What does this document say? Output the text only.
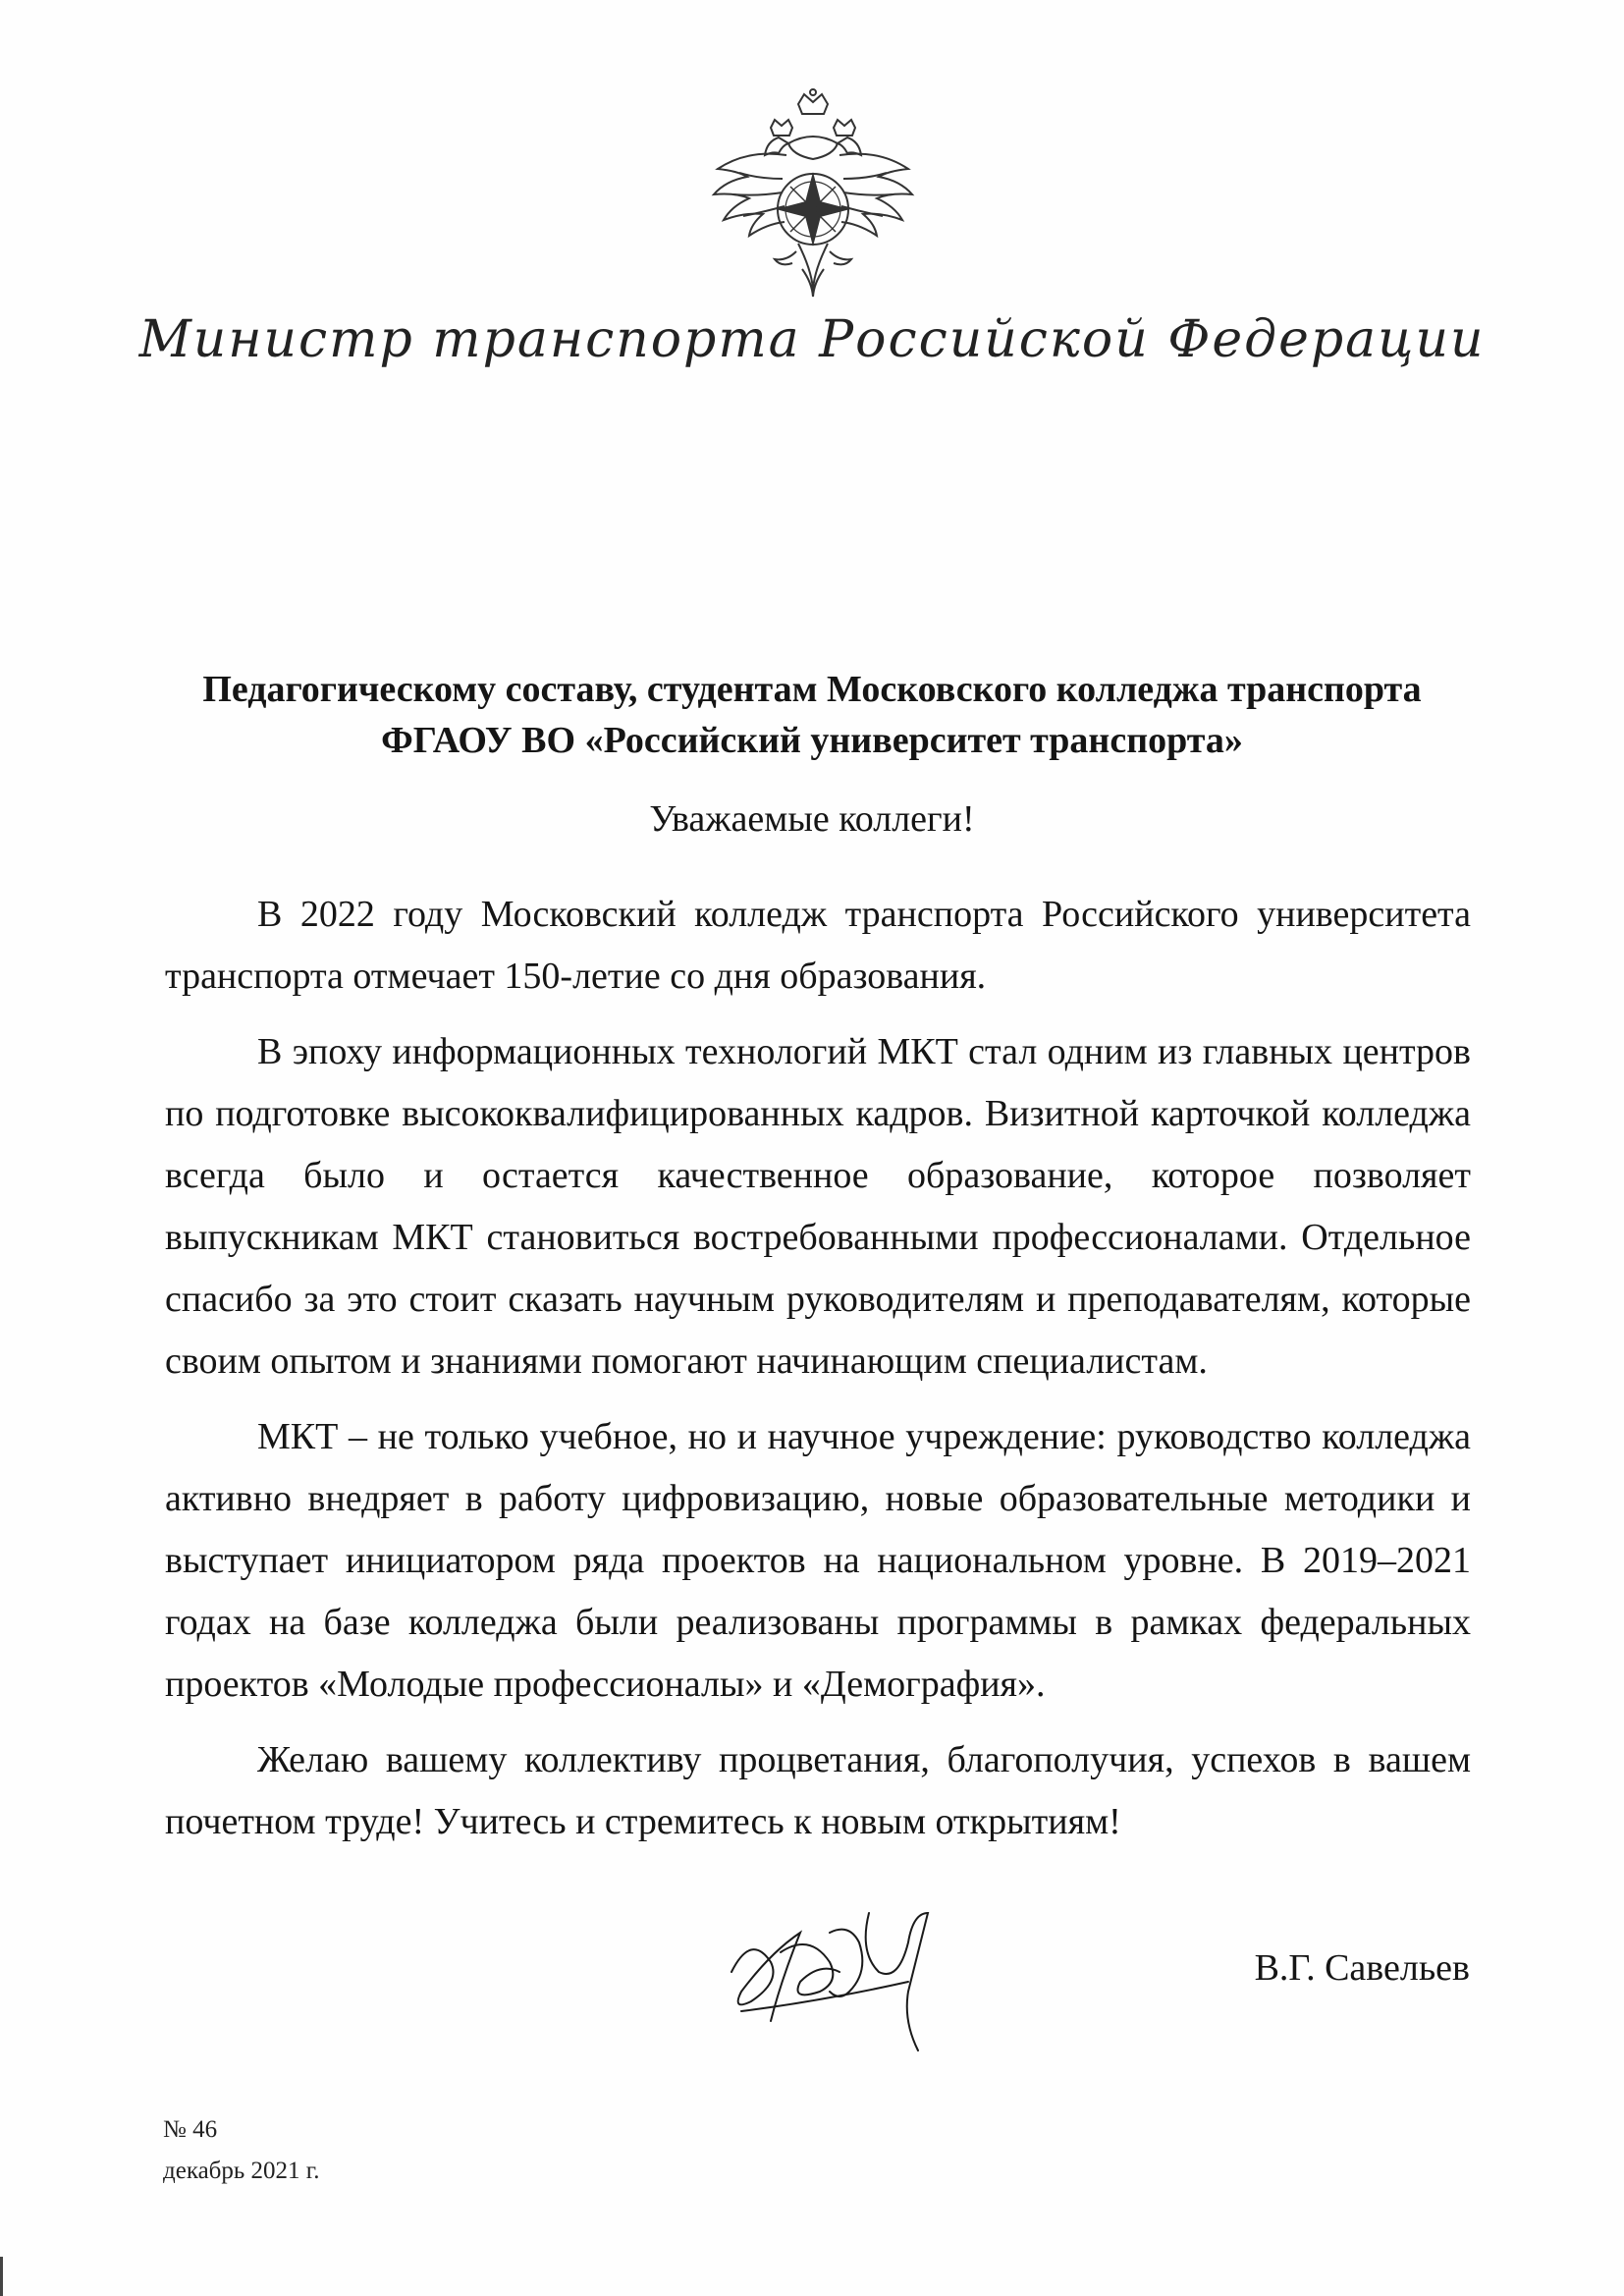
Министр транспорта Российской Федерации
Педагогическому составу, студентам Московского колледжа транспорта
ФГАОУ ВО «Российский университет транспорта»
Уважаемые коллеги!

В 2022 году Московский колледж транспорта Российского университета транспорта отмечает 150-летие со дня образования.

В эпоху информационных технологий МКТ стал одним из главных центров по подготовке высококвалифицированных кадров. Визитной карточкой колледжа всегда было и остается качественное образование, которое позволяет выпускникам МКТ становиться востребованными профессионалами. Отдельное спасибо за это стоит сказать научным руководителям и преподавателям, которые своим опытом и знаниями помогают начинающим специалистам.

МКТ – не только учебное, но и научное учреждение: руководство колледжа активно внедряет в работу цифровизацию, новые образовательные методики и выступает инициатором ряда проектов на национальном уровне. В 2019–2021 годах на базе колледжа были реализованы программы в рамках федеральных проектов «Молодые профессионалы» и «Демография».

Желаю вашему коллективу процветания, благополучия, успехов в вашем почетном труде! Учитесь и стремитесь к новым открытиям!

В.Г. Савельев
№ 46
декабрь 2021 г.
